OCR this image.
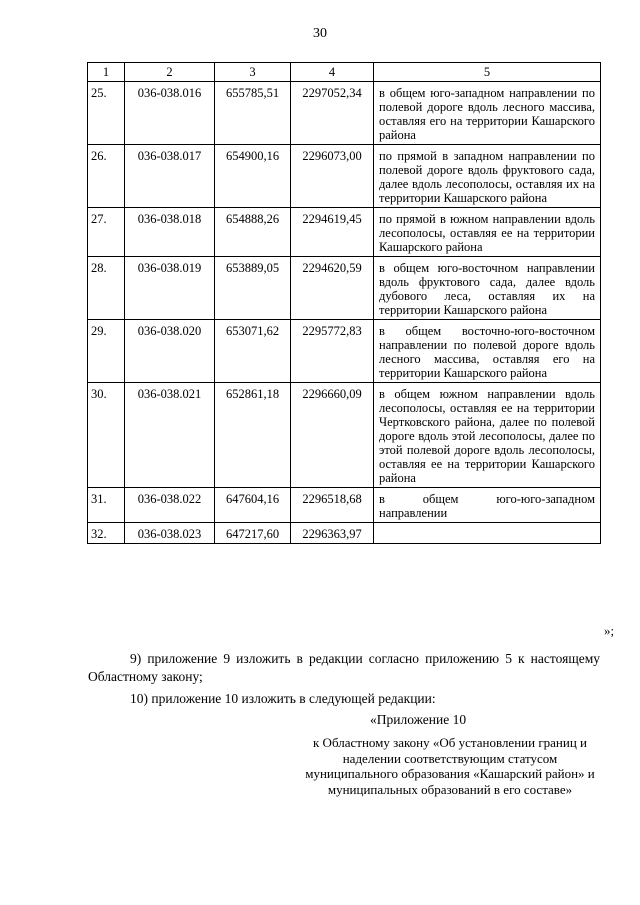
30
1	2	3	4	5
25.	036-038.016	655785,51	2297052,34	в общем юго-западном направлении по полевой дороге вдоль лесного массива, оставляя его на территории Кашарского района
26.	036-038.017	654900,16	2296073,00	по прямой в западном направлении по полевой дороге вдоль фруктового сада, далее вдоль лесополосы, оставляя их на территории Кашарского района
27.	036-038.018	654888,26	2294619,45	по прямой в южном направлении вдоль лесополосы, оставляя ее на территории Кашарского района
28.	036-038.019	653889,05	2294620,59	в общем юго-восточном направлении вдоль фруктового сада, далее вдоль дубового леса, оставляя их на территории Кашарского района
29.	036-038.020	653071,62	2295772,83	в общем восточно-юго-восточном направлении по полевой дороге вдоль лесного массива, оставляя его на территории Кашарского района
30.	036-038.021	652861,18	2296660,09	в общем южном направлении вдоль лесополосы, оставляя ее на территории Чертковского района, далее по полевой дороге вдоль этой лесополосы, далее по этой полевой дороге вдоль лесополосы, оставляя ее на территории Кашарского района
31.	036-038.022	647604,16	2296518,68	в общем юго-юго-западном направлении
32.	036-038.023	647217,60	2296363,97	
»;
9) приложение 9 изложить в редакции согласно приложению 5 к настоящему Областному закону;
10) приложение 10 изложить в следующей редакции:
«Приложение 10
к Областному закону «Об установлении границ и наделении соответствующим статусом муниципального образования «Кашарский район» и муниципальных образований в его составе»
